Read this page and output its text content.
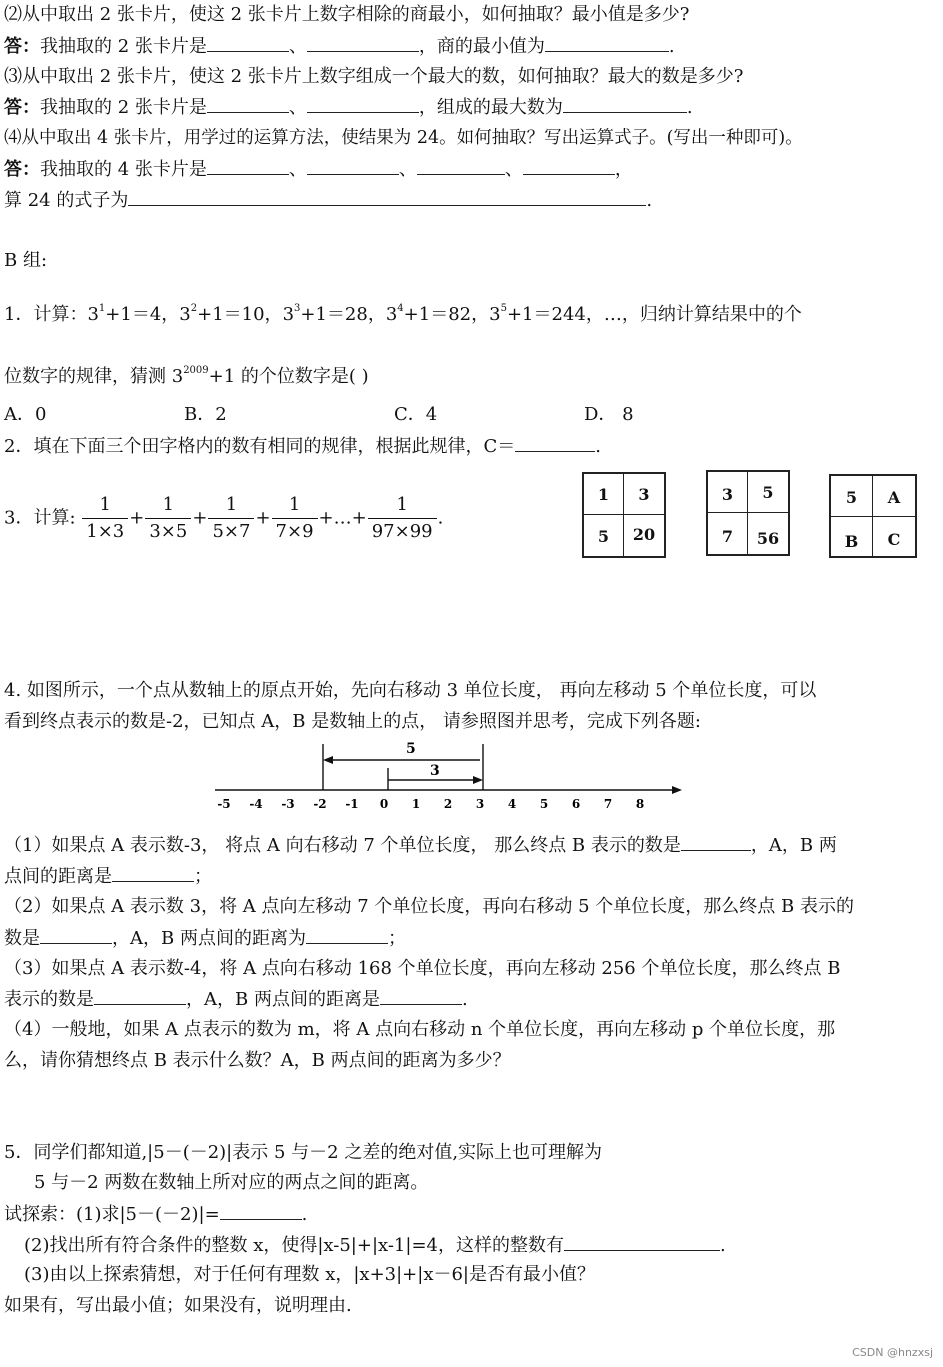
⑵从中取出 2 张卡片，使这 2 张卡片上数字相除的商最小，如何抽取？最小值是多少?
答：我抽取的 2 张卡片是	、	，商的最小值为	.
⑶从中取出 2 张卡片，使这 2 张卡片上数字组成一个最大的数，如何抽取？最大的数是多少?
答：我抽取的 2 张卡片是	、	，组成的最大数为	.
⑷从中取出 4 张卡片，用学过的运算方法，使结果为 24。如何抽取？写出运算式子。(写出一种即可)。
答：我抽取的 4 张卡片是	、	、	、	，
算 24 的式子为	.
B 组:
1．计算：$3^1+1=4$，$3^2+1=10$，$3^3+1=28$，$3^4+1=82$，$3^5+1=244$，…，归纳计算结果中的个
位数字的规律，猜测 $3^{2009}+1$ 的个位数字是( )
A．0	B．2	C．4	D． 8
2．填在下面三个田字格内的数有相同的规律，根据此规律，C＝	.
3．计算: $\frac{1}{1\times 3} + \frac{1}{3\times 5} + \frac{1}{5\times 7} + \frac{1}{7\times 9}$ +…+ $\frac{1}{97\times 99}$ .
1	3
5	20
3	5
7	56
5	A
B	C
4. 如图所示，一个点从数轴上的原点开始，先向右移动 3 单位长度， 再向左移动 5 个单位长度，可以
看到终点表示的数是-2，已知点 A，B 是数轴上的点， 请参照图并思考，完成下列各题:
5
3
-5 -4 -3 -2 -1 0 1 2 3 4 5 6 7 8
（1）如果点 A 表示数-3， 将点 A 向右移动 7 个单位长度， 那么终点 B 表示的数是	，A，B 两
点间的距离是	；
（2）如果点 A 表示数 3，将 A 点向左移动 7 个单位长度，再向右移动 5 个单位长度，那么终点 B 表示的
数是	，A，B 两点间的距离为	；
（3）如果点 A 表示数-4，将 A 点向右移动 168 个单位长度，再向左移动 256 个单位长度，那么终点 B
表示的数是	，A，B 两点间的距离是	.
（4）一般地，如果 A 点表示的数为 m，将 A 点向右移动 n 个单位长度，再向左移动 p 个单位长度，那
么，请你猜想终点 B 表示什么数？A，B 两点间的距离为多少？
5．同学们都知道,|5－(－2)|表示 5 与－2 之差的绝对值,实际上也可理解为
5 与－2 两数在数轴上所对应的两点之间的距离。
试探索：(1)求|5－(－2)|=	.
(2)找出所有符合条件的整数 x，使得|x-5|+|x-1|=4，这样的整数有	.
(3)由以上探索猜想，对于任何有理数 x，|x+3|+|x－6|是否有最小值？
如果有，写出最小值；如果没有，说明理由.
CSDN @hnzxsj
